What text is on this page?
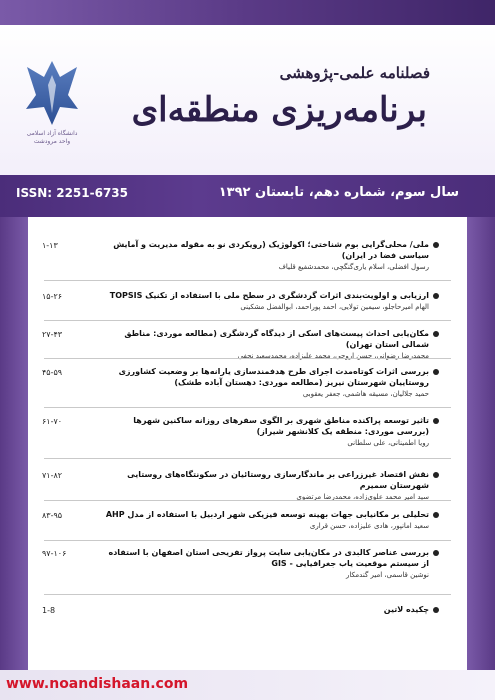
دانشگاه آزاد اسلامی واحد مرودشت
فصلنامه علمی-پژوهشی
برنامه‌ریزی منطقه‌ای
ISSN: 2251-6735	سال سوم، شماره دهم، تابستان ۱۳۹۲
۱-۱۳	ملی/ محلی‌گرایی بوم شناختی؛ اکولوژیک (رویکردی نو به مقوله مدیریت و آمایش سیاسی فضا در ایران)
رسول افضلی، اسلام یاری‌گنگچی، محمدشفیع قلیاف
۱۵-۲۶	ارزیابی و اولویت‌بندی اثرات گردشگری در سطح ملی با استفاده از تکنیک TOPSIS
الهام امیرحاجلو، سیمین تولایی، احمد پوراحمد، ابوالفضل مشکینی
۲۷-۴۳	مکان‌یابی احداث پیست‌های اسکی از دیدگاه گردشگری (مطالعه موردی: مناطق شمالی استان تهران)
محمدرضا رضوانی، حسن اروجی، محمد علیزاده، محمدسعید نجفی
۴۵-۵۹	بررسی اثرات کوتاه‌مدت اجرای طرح هدفمندسازی یارانه‌ها بر وضعیت کشاورزی روستاییان شهرستان نیریز (مطالعه موردی: دهستان آباده طشک)
حمید جلالیان، مسیقه هاشمی، جعفر یعقوبی
۶۱-۷۰	تاثیر توسعه پراکنده مناطق شهری بر الگوی سفرهای روزانه ساکنین شهرها (بررسی موردی: منطقه یک کلانشهر شیراز)
رویا اطمینانی، علی سلطانی
۷۱-۸۲	نقش اقتصاد غیرزراعی بر ماندگارسازی روستائیان در سکونتگاه‌های روستایی شهرستان سمیرم
سید امیر محمد علوی‌زاده، محمدرضا مرتضوی
۸۳-۹۵	تحلیلی بر مکانیابی جهات بهینه توسعه فیزیکی شهر اردبیل با استفاده از مدل AHP
سعید امانپور، هادی علیزاده، حسن قراری
۹۷-۱۰۶	بررسی عناصر کالبدی در مکان‌یابی سایت پرواز تفریحی استان اصفهان با استفاده از سیستم موقعیت یاب جغرافیایی - GIS
نوشین قاسمی، امیر گندمکار
1-8	چکیده لاتین
www.noandishaan.com
